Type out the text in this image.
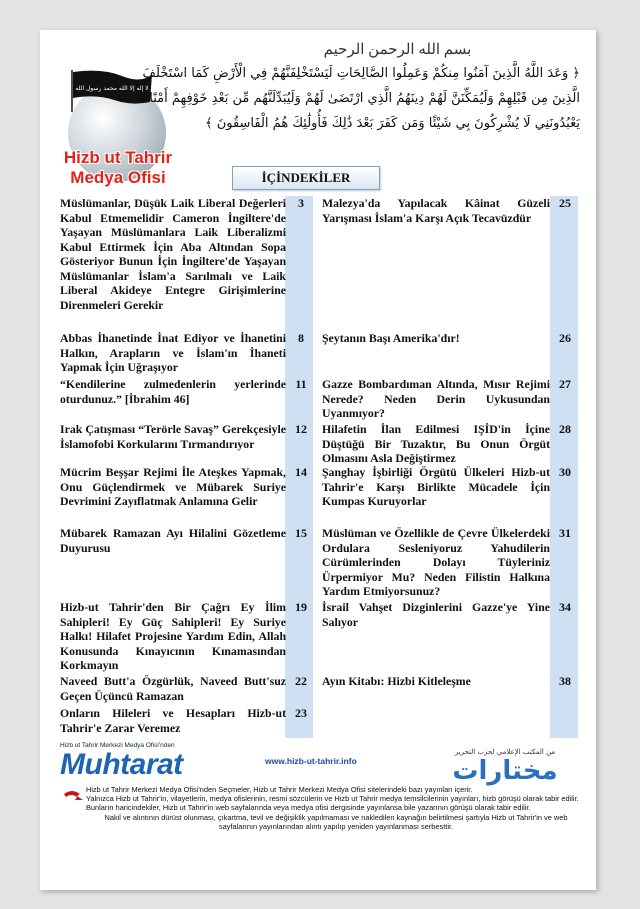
لا إله إلا الله محمد رسول الله
Hizb ut Tahrir
Medya Ofisi
بسم الله الرحمن الرحيم
﴿ وَعَدَ اللَّهُ الَّذِينَ آمَنُوا مِنكُمْ وَعَمِلُوا الصَّالِحَاتِ لَيَسْتَخْلِفَنَّهُمْ فِي الْأَرْضِ كَمَا اسْتَخْلَفَ
الَّذِينَ مِن قَبْلِهِمْ وَلَيُمَكِّنَنَّ لَهُمْ دِينَهُمُ الَّذِي ارْتَضَىٰ لَهُمْ وَلَيُبَدِّلَنَّهُم مِّن بَعْدِ خَوْفِهِمْ أَمْنًا
يَعْبُدُونَنِي لَا يُشْرِكُونَ بِي شَيْئًا وَمَن كَفَرَ بَعْدَ ذَٰلِكَ فَأُولَٰئِكَ هُمُ الْفَاسِقُونَ ﴾
İÇİNDEKİLER
Müslümanlar, Düşük Laik Liberal Değerleri Kabul Etmemelidir Cameron İngiltere'de Yaşayan Müslümanlara Laik Liberalizmi Kabul Ettirmek İçin Aba Altından Sopa Gösteriyor Bunun İçin İngiltere'de Yaşayan Müslümanlar İslam'a Sarılmalı ve Laik Liberal Akideye Entegre Girişimlerine Direnmeleri Gerekir
3
Abbas İhanetinde İnat Ediyor ve İhanetini Halkın, Arapların ve İslam'ın İhaneti Yapmak İçin Uğraşıyor
8
“Kendilerine zulmedenlerin yerlerinde oturdunuz.” [İbrahim 46]
11
Irak Çatışması “Terörle Savaş” Gerekçesiyle İslamofobi Korkularını Tırmandırıyor
12
Mücrim Beşşar Rejimi İle Ateşkes Yapmak, Onu Güçlendirmek ve Mübarek Suriye Devrimini Zayıflatmak Anlamına Gelir
14
Mübarek Ramazan Ayı Hilalini Gözetleme Duyurusu
15
Hizb-ut Tahrir'den Bir Çağrı Ey İlim Sahipleri! Ey Güç Sahipleri! Ey Suriye Halkı! Hilafet Projesine Yardım Edin, Allah Konusunda Kınayıcının Kınamasından Korkmayın
19
Naveed Butt'a Özgürlük, Naveed Butt'suz Geçen Üçüncü Ramazan
22
Onların Hileleri ve Hesapları Hizb-ut Tahrir'e Zarar Veremez
23
Malezya'da Yapılacak Kâinat Güzeli Yarışması İslam'a Karşı Açık Tecavüzdür
25
Şeytanın Başı Amerika'dır!	26
Gazze Bombardıman Altında, Mısır Rejimi Nerede? Neden Derin Uykusundan Uyanmıyor?
27
Hilafetin İlan Edilmesi IŞİD'in İçine Düştüğü Bir Tuzaktır, Bu Onun Örgüt Olmasını Asla Değiştirmez
28
Şanghay İşbirliği Örgütü Ülkeleri Hizb-ut Tahrir'e Karşı Birlikte Mücadele İçin Kumpas Kuruyorlar
30
Müslüman ve Özellikle de Çevre Ülkelerdeki Ordulara Sesleniyoruz Yahudilerin Cürümlerinden Dolayı Tüyleriniz Ürpermiyor Mu? Neden Filistin Halkına Yardım Etmiyorsunuz?
31
İsrail Vahşet Dizginlerini Gazze'ye Yine Salıyor
34
Ayın Kitabı: Hizbi Kitleleşme	38
Hizb ut Tahrir Merkezi Medya Ofisi'nden
Muhtarat	www.hizb-ut-tahrir.info
من المكتب الإعلامي لحزب التحرير
مختارات

Hizb ut Tahrir Merkezi Medya Ofisi'nden Seçmeler, Hizb ut Tahrir Merkezi Medya Ofisi sitelerindeki bazı yayınları içerir.

Yalnızca Hizb ut Tahrir'in, vilayetlerin, medya ofislerinin, resmi sözcülerin ve Hizb ut Tahrir medya temsilcilerinin yayınları, hizb görüşü olarak tabir edilir. Bunların haricindekiler, Hizb ut Tahrir'in web sayfalarında veya medya ofisi dergisinde yayınlansa bile yazarının görüşü olarak tabir edilir.

Nakil ve alıntının dürüst olunması, çıkartma, tevil ve değişiklik yapılmaması ve nakledilen kaynağın belirtilmesi şartıyla Hizb ut Tahrir'in ve web sayfalarının yayınlarından alıntı yapılıp yeniden yayınlanması serbesttir.
